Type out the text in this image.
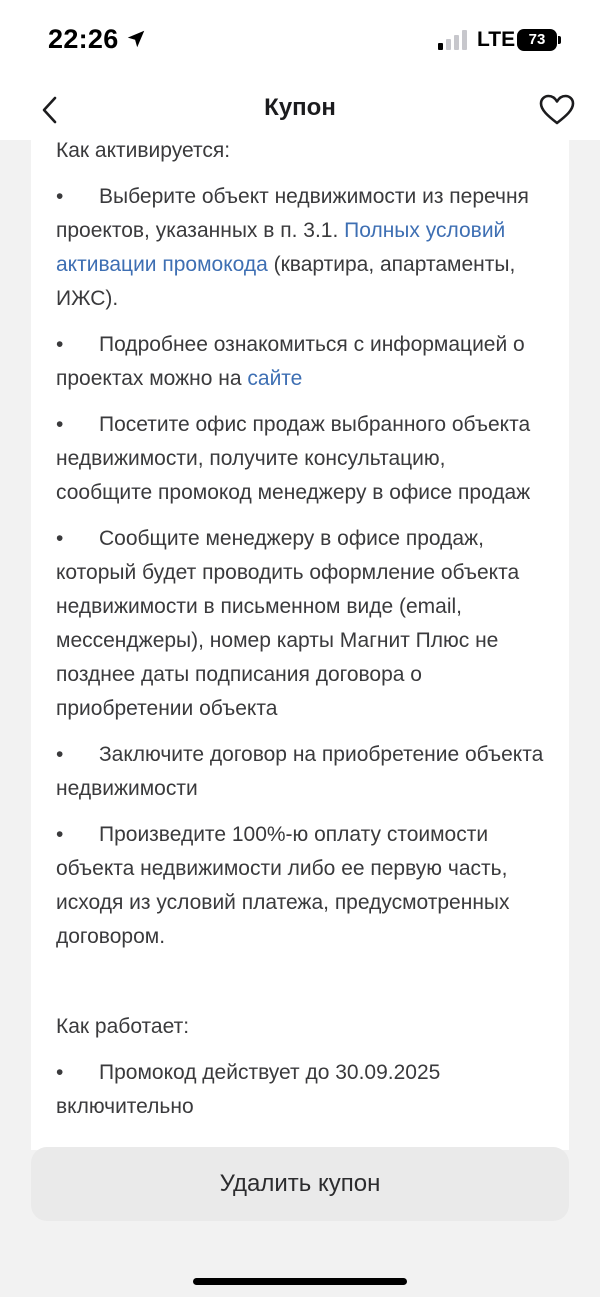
22:26	LTE 73
Купон

Как активируется:

• Выберите объект недвижимости из перечня проектов, указанных в п. 3.1. Полных условий активации промокода (квартира, апартаменты, ИЖС).

• Подробнее ознакомиться с информацией о проектах можно на сайте

• Посетите офис продаж выбранного объекта недвижимости, получите консультацию, сообщите промокод менеджеру в офисе продаж

• Сообщите менеджеру в офисе продаж, который будет проводить оформление объекта недвижимости в письменном виде (email, мессенджеры), номер карты Магнит Плюс не позднее даты подписания договора о приобретении объекта

• Заключите договор на приобретение объекта недвижимости

• Произведите 100%-ю оплату стоимости объекта недвижимости либо ее первую часть, исходя из условий платежа, предусмотренных договором.

Как работает:

• Промокод действует до 30.09.2025 включительно

Удалить купон
